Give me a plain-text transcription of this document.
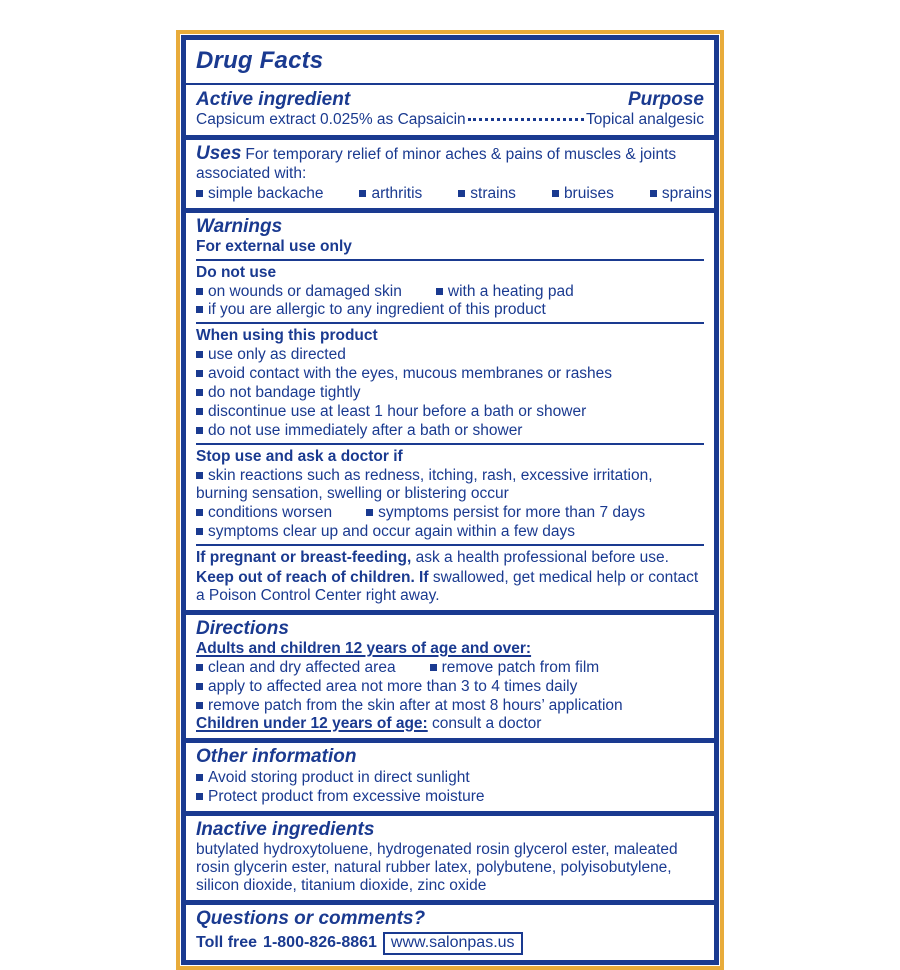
Drug Facts
Active ingredient	Purpose
Capsicum extract 0.025% as Capsaicin	Topical analgesic
Uses For temporary relief of minor aches & pains of muscles & joints associated with:
simple backache	arthritis	strains	bruises	sprains
Warnings
For external use only
Do not use
on wounds or damaged skin	with a heating pad
if you are allergic to any ingredient of this product
When using this product
use only as directed
avoid contact with the eyes, mucous membranes or rashes
do not bandage tightly
discontinue use at least 1 hour before a bath or shower
do not use immediately after a bath or shower
Stop use and ask a doctor if
skin reactions such as redness, itching, rash, excessive irritation, burning sensation, swelling or blistering occur
conditions worsen	symptoms persist for more than 7 days
symptoms clear up and occur again within a few days
If pregnant or breast-feeding, ask a health professional before use.
Keep out of reach of children. If swallowed, get medical help or contact a Poison Control Center right away.
Directions
Adults and children 12 years of age and over:
clean and dry affected area	remove patch from film
apply to affected area not more than 3 to 4 times daily
remove patch from the skin after at most 8 hours’ application
Children under 12 years of age: consult a doctor
Other information
Avoid storing product in direct sunlight
Protect product from excessive moisture
Inactive ingredients
butylated hydroxytoluene, hydrogenated rosin glycerol ester, maleated rosin glycerin ester, natural rubber latex, polybutene, polyisobutylene, silicon dioxide, titanium dioxide, zinc oxide
Questions or comments?
Toll free 1-800-826-8861 www.salonpas.us
